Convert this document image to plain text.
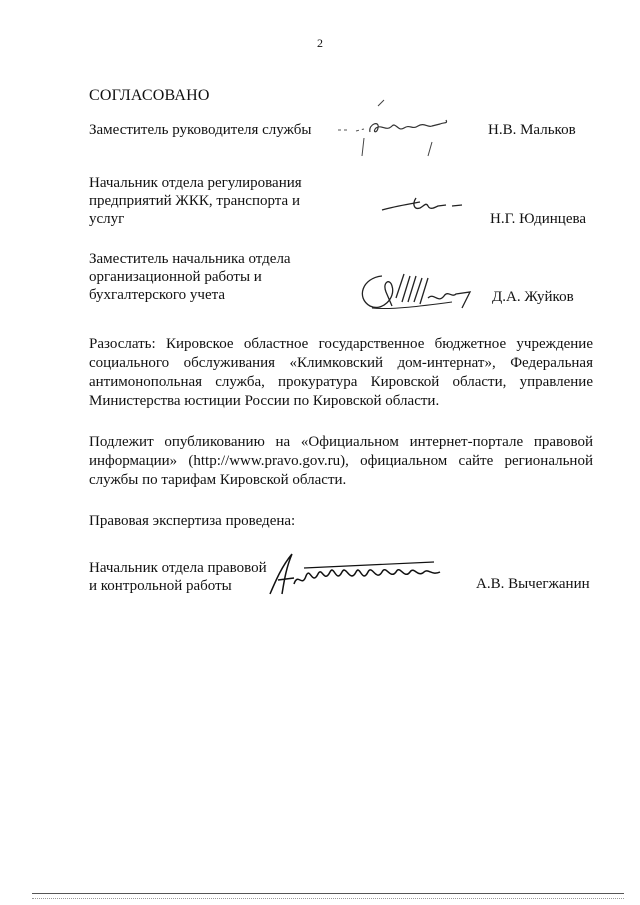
2
СОГЛАСОВАНО
Заместитель руководителя службы	Н.В. Мальков
Начальник отдела регулирования
предприятий ЖКК, транспорта и
услуг	Н.Г. Юдинцева
Заместитель начальника отдела
организационной работы и
бухгалтерского учета	Д.А. Жуйков
Разослать: Кировское областное государственное бюджетное учреждение социального обслуживания «Климковский дом-интернат», Федеральная антимонопольная служба, прокуратура Кировской области, управление Министерства юстиции России по Кировской области.
Подлежит опубликованию на «Официальном интернет-портале правовой информации» (http://www.pravo.gov.ru), официальном сайте региональной службы по тарифам Кировской области.
Правовая экспертиза проведена:
Начальник отдела правовой
и контрольной работы	А.В. Вычегжанин
